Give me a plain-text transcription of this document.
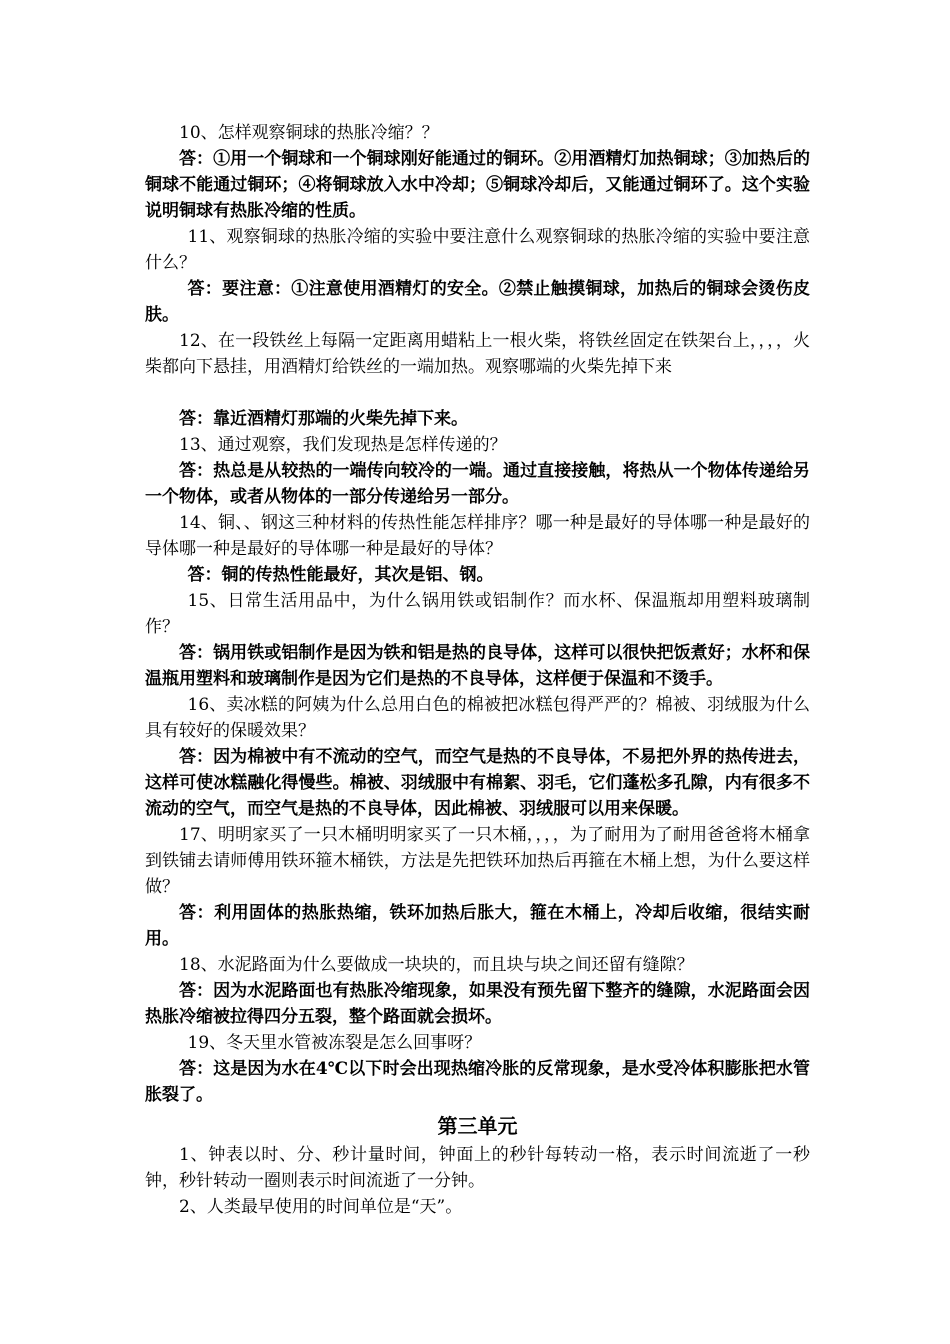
10、怎样观察铜球的热胀冷缩？？

答：①用一个铜球和一个铜球刚好能通过的铜环。②用酒精灯加热铜球；③加热后的铜球不能通过铜环；④将铜球放入水中冷却；⑤铜球冷却后，又能通过铜环了。这个实验说明铜球有热胀冷缩的性质。

11、观察铜球的热胀冷缩的实验中要注意什么观察铜球的热胀冷缩的实验中要注意什么？

答：要注意：①注意使用酒精灯的安全。②禁止触摸铜球，加热后的铜球会烫伤皮肤。

12、在一段铁丝上每隔一定距离用蜡粘上一根火柴，将铁丝固定在铁架台上，，，，火柴都向下悬挂，用酒精灯给铁丝的一端加热。观察哪端的火柴先掉下来

答：靠近酒精灯那端的火柴先掉下来。

13、通过观察，我们发现热是怎样传递的？

答：热总是从较热的一端传向较冷的一端。通过直接接触，将热从一个物体传递给另一个物体，或者从物体的一部分传递给另一部分。

14、铜、、钢这三种材料的传热性能怎样排序？哪一种是最好的导体哪一种是最好的导体哪一种是最好的导体哪一种是最好的导体？

答：铜的传热性能最好，其次是铝、钢。

15、日常生活用品中，为什么锅用铁或铝制作？而水杯、保温瓶却用塑料玻璃制作？

答：锅用铁或铝制作是因为铁和铝是热的良导体，这样可以很快把饭煮好；水杯和保温瓶用塑料和玻璃制作是因为它们是热的不良导体，这样便于保温和不烫手。

16、卖冰糕的阿姨为什么总用白色的棉被把冰糕包得严严的？棉被、羽绒服为什么具有较好的保暖效果？

答：因为棉被中有不流动的空气，而空气是热的不良导体，不易把外界的热传进去，这样可使冰糕融化得慢些。棉被、羽绒服中有棉絮、羽毛，它们蓬松多孔隙，内有很多不流动的空气，而空气是热的不良导体，因此棉被、羽绒服可以用来保暖。

17、明明家买了一只木桶明明家买了一只木桶，，，，为了耐用为了耐用爸爸将木桶拿到铁铺去请师傅用铁环箍木桶铁，方法是先把铁环加热后再箍在木桶上想，为什么要这样做？

答：利用固体的热胀热缩，铁环加热后胀大，箍在木桶上，冷却后收缩，很结实耐用。

18、水泥路面为什么要做成一块块的，而且块与块之间还留有缝隙？

答：因为水泥路面也有热胀冷缩现象，如果没有预先留下整齐的缝隙，水泥路面会因热胀冷缩被拉得四分五裂，整个路面就会损坏。

19、冬天里水管被冻裂是怎么回事呀？

答：这是因为水在4℃以下时会出现热缩冷胀的反常现象，是水受冷体积膨胀把水管胀裂了。

第三单元

1、钟表以时、分、秒计量时间，钟面上的秒针每转动一格，表示时间流逝了一秒钟，秒针转动一圈则表示时间流逝了一分钟。

2、人类最早使用的时间单位是“天”。
